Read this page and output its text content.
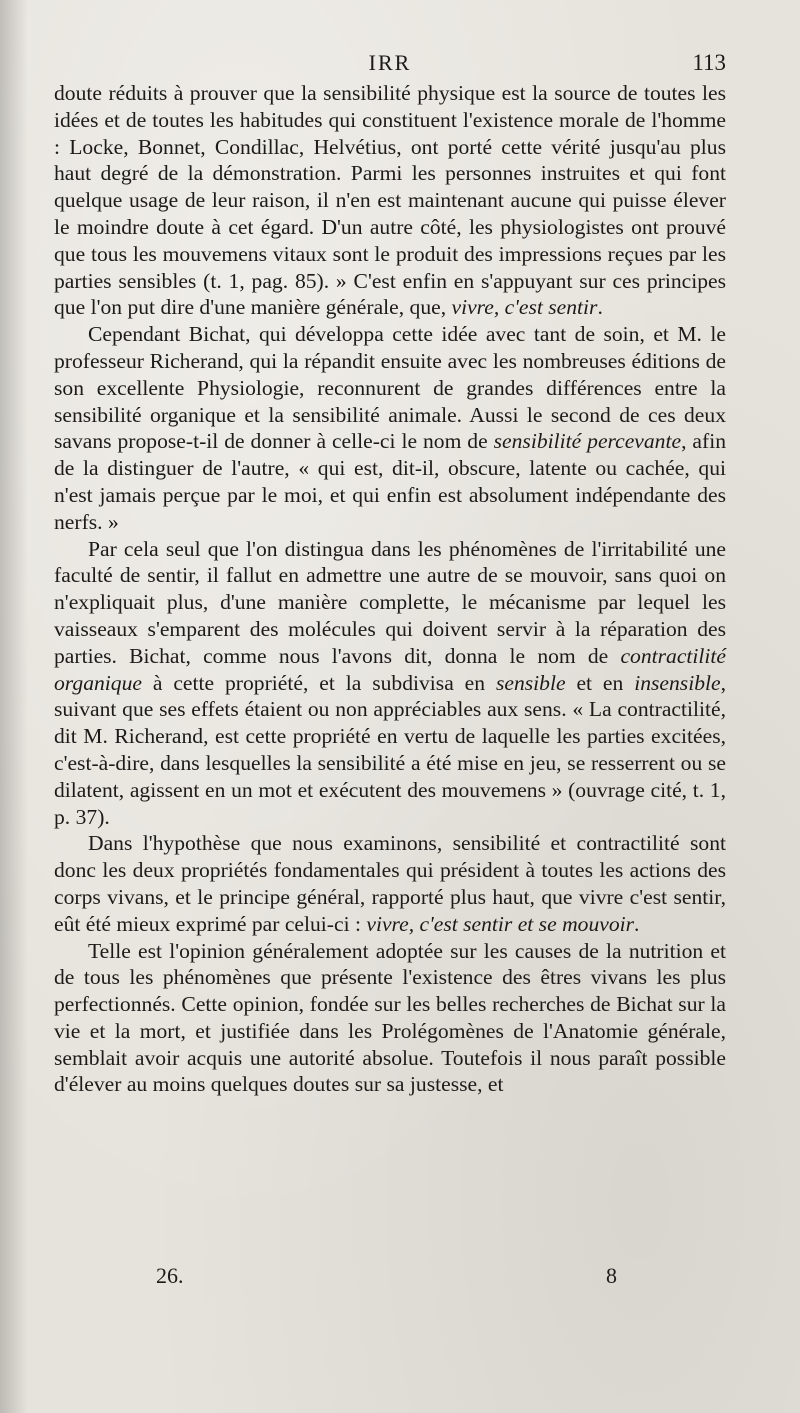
IRR	113

doute réduits à prouver que la sensibilité physique est la source de toutes les idées et de toutes les habitudes qui constituent l'existence morale de l'homme : Locke, Bonnet, Condillac, Helvétius, ont porté cette vérité jusqu'au plus haut degré de la démonstration. Parmi les personnes instruites et qui font quelque usage de leur raison, il n'en est maintenant aucune qui puisse élever le moindre doute à cet égard. D'un autre côté, les physiologistes ont prouvé que tous les mouvemens vitaux sont le produit des impressions reçues par les parties sensibles (t. 1, pag. 85). » C'est enfin en s'appuyant sur ces principes que l'on put dire d'une manière générale, que, vivre, c'est sentir.

Cependant Bichat, qui développa cette idée avec tant de soin, et M. le professeur Richerand, qui la répandit ensuite avec les nombreuses éditions de son excellente Physiologie, reconnurent de grandes différences entre la sensibilité organique et la sensibilité animale. Aussi le second de ces deux savans propose-t-il de donner à celle-ci le nom de sensibilité percevante, afin de la distinguer de l'autre, « qui est, dit-il, obscure, latente ou cachée, qui n'est jamais perçue par le moi, et qui enfin est absolument indépendante des nerfs. »

Par cela seul que l'on distingua dans les phénomènes de l'irritabilité une faculté de sentir, il fallut en admettre une autre de se mouvoir, sans quoi on n'expliquait plus, d'une manière complette, le mécanisme par lequel les vaisseaux s'emparent des molécules qui doivent servir à la réparation des parties. Bichat, comme nous l'avons dit, donna le nom de contractilité organique à cette propriété, et la subdivisa en sensible et en insensible, suivant que ses effets étaient ou non appréciables aux sens. « La contractilité, dit M. Richerand, est cette propriété en vertu de laquelle les parties excitées, c'est-à-dire, dans lesquelles la sensibilité a été mise en jeu, se resserrent ou se dilatent, agissent en un mot et exécutent des mouvemens » (ouvrage cité, t. 1, p. 37).

Dans l'hypothèse que nous examinons, sensibilité et contractilité sont donc les deux propriétés fondamentales qui président à toutes les actions des corps vivans, et le principe général, rapporté plus haut, que vivre c'est sentir, eût été mieux exprimé par celui-ci : vivre, c'est sentir et se mouvoir.

Telle est l'opinion généralement adoptée sur les causes de la nutrition et de tous les phénomènes que présente l'existence des êtres vivans les plus perfectionnés. Cette opinion, fondée sur les belles recherches de Bichat sur la vie et la mort, et justifiée dans les Prolégomènes de l'Anatomie générale, semblait avoir acquis une autorité absolue. Toutefois il nous paraît possible d'élever au moins quelques doutes sur sa justesse, et

26.	8
